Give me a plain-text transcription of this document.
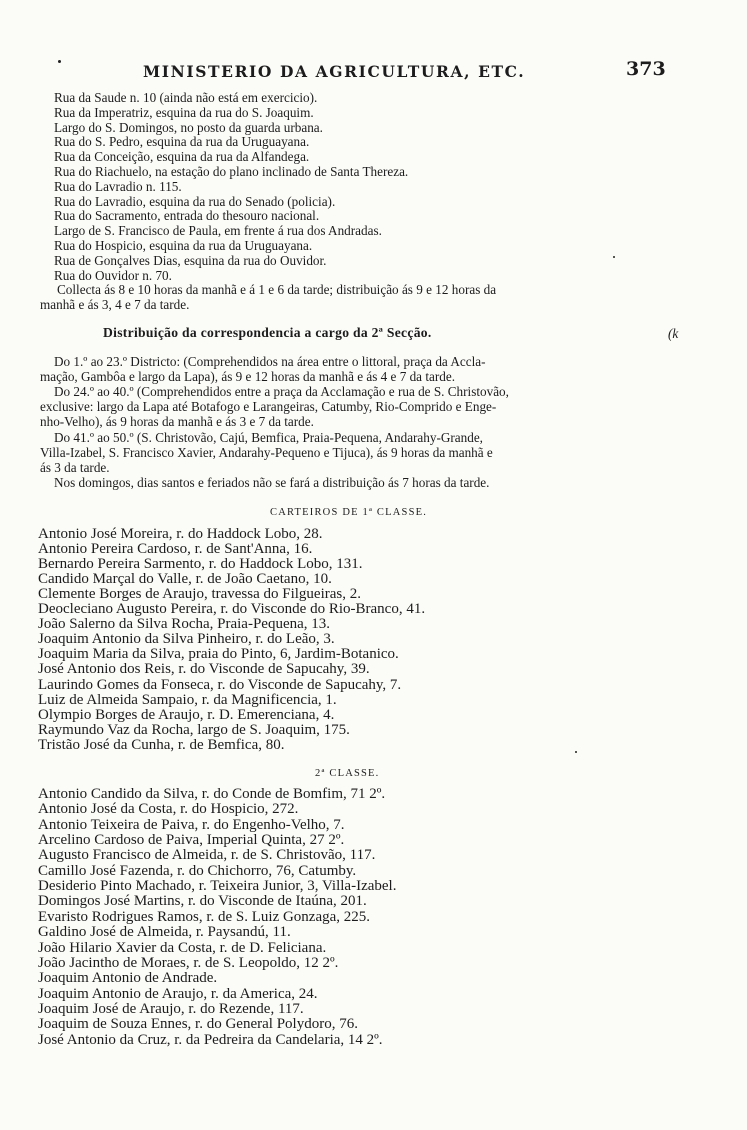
MINISTERIO DA AGRICULTURA, ETC.	373
Rua da Saude n. 10 (ainda não está em exercicio).
Rua da Imperatriz, esquina da rua do S. Joaquim.
Largo do S. Domingos, no posto da guarda urbana.
Rua do S. Pedro, esquina da rua da Uruguayana.
Rua da Conceição, esquina da rua da Alfandega.
Rua do Riachuelo, na estação do plano inclinado de Santa Thereza.
Rua do Lavradio n. 115.
Rua do Lavradio, esquina da rua do Senado (policia).
Rua do Sacramento, entrada do thesouro nacional.
Largo de S. Francisco de Paula, em frente á rua dos Andradas.
Rua do Hospicio, esquina da rua da Uruguayana.
Rua de Gonçalves Dias, esquina da rua do Ouvidor.
Rua do Ouvidor n. 70.
Collecta ás 8 e 10 horas da manhã e á 1 e 6 da tarde; distribuição ás 9 e 12 horas da
manhã e ás 3, 4 e 7 da tarde.
Distribuição da correspondencia a cargo da 2ª Secção.	(k
Do 1.º ao 23.º Districto: (Comprehendidos na área entre o littoral, praça da Accla-
mação, Gambôa e largo da Lapa), ás 9 e 12 horas da manhã e ás 4 e 7 da tarde.
Do 24.º ao 40.º (Comprehendidos entre a praça da Acclamação e rua de S. Christovão,
exclusive: largo da Lapa até Botafogo e Larangeiras, Catumby, Rio-Comprido e Enge-
nho-Velho), ás 9 horas da manhã e ás 3 e 7 da tarde.
Do 41.º ao 50.º (S. Christovão, Cajú, Bemfica, Praia-Pequena, Andarahy-Grande,
Villa-Izabel, S. Francisco Xavier, Andarahy-Pequeno e Tijuca), ás 9 horas da manhã e
ás 3 da tarde.
Nos domingos, dias santos e feriados não se fará a distribuição ás 7 horas da tarde.
CARTEIROS DE 1ª CLASSE.
Antonio José Moreira, r. do Haddock Lobo, 28.
Antonio Pereira Cardoso, r. de Sant'Anna, 16.
Bernardo Pereira Sarmento, r. do Haddock Lobo, 131.
Candido Marçal do Valle, r. de João Caetano, 10.
Clemente Borges de Araujo, travessa do Filgueiras, 2.
Deocleciano Augusto Pereira, r. do Visconde do Rio-Branco, 41.
João Salerno da Silva Rocha, Praia-Pequena, 13.
Joaquim Antonio da Silva Pinheiro, r. do Leão, 3.
Joaquim Maria da Silva, praia do Pinto, 6, Jardim-Botanico.
José Antonio dos Reis, r. do Visconde de Sapucahy, 39.
Laurindo Gomes da Fonseca, r. do Visconde de Sapucahy, 7.
Luiz de Almeida Sampaio, r. da Magnificencia, 1.
Olympio Borges de Araujo, r. D. Emerenciana, 4.
Raymundo Vaz da Rocha, largo de S. Joaquim, 175.
Tristão José da Cunha, r. de Bemfica, 80.
2ª CLASSE.
Antonio Candido da Silva, r. do Conde de Bomfim, 71 2º.
Antonio José da Costa, r. do Hospicio, 272.
Antonio Teixeira de Paiva, r. do Engenho-Velho, 7.
Arcelino Cardoso de Paiva, Imperial Quinta, 27 2º.
Augusto Francisco de Almeida, r. de S. Christovão, 117.
Camillo José Fazenda, r. do Chichorro, 76, Catumby.
Desiderio Pinto Machado, r. Teixeira Junior, 3, Villa-Izabel.
Domingos José Martins, r. do Visconde de Itaúna, 201.
Evaristo Rodrigues Ramos, r. de S. Luiz Gonzaga, 225.
Galdino José de Almeida, r. Paysandú, 11.
João Hilario Xavier da Costa, r. de D. Feliciana.
João Jacintho de Moraes, r. de S. Leopoldo, 12 2º.
Joaquim Antonio de Andrade.
Joaquim Antonio de Araujo, r. da America, 24.
Joaquim José de Araujo, r. do Rezende, 117.
Joaquim de Souza Ennes, r. do General Polydoro, 76.
José Antonio da Cruz, r. da Pedreira da Candelaria, 14 2º.
